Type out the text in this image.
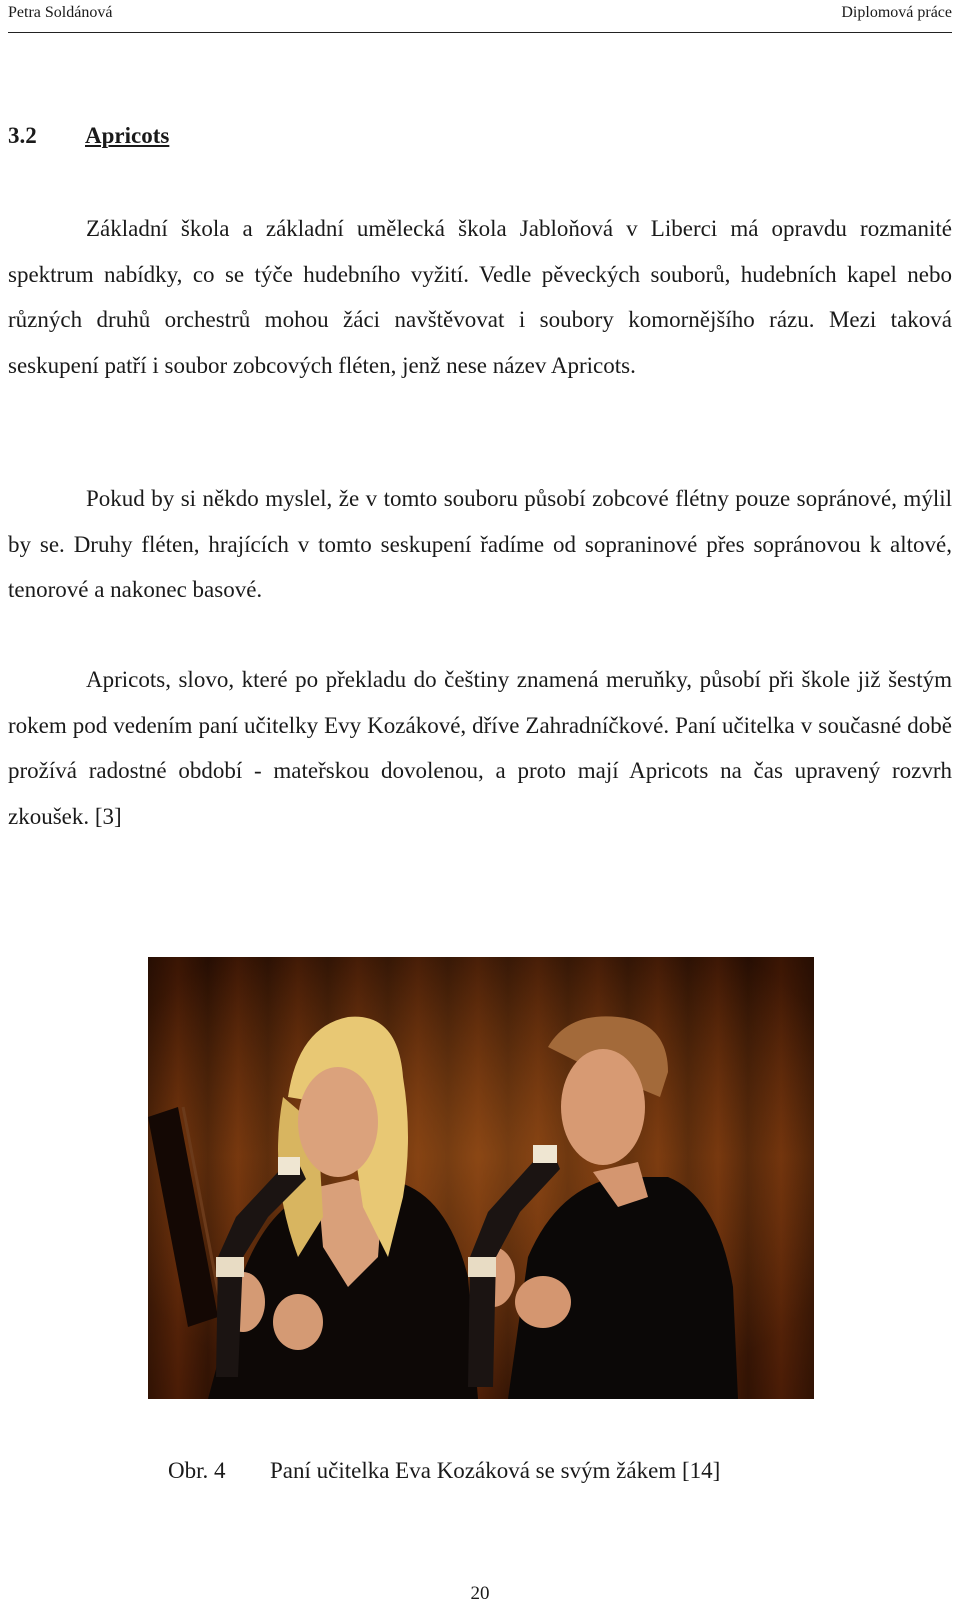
Petra Soldánová	Diplomová práce
3.2 Apricots

Základní škola a základní umělecká škola Jabloňová v Liberci má opravdu rozmanité spektrum nabídky, co se týče hudebního vyžití. Vedle pěveckých souborů, hudebních kapel nebo různých druhů orchestrů mohou žáci navštěvovat i soubory komornějšího rázu. Mezi taková seskupení patří i soubor zobcových fléten, jenž nese název Apricots.

Pokud by si někdo myslel, že v tomto souboru působí zobcové flétny pouze sopránové, mýlil by se. Druhy fléten, hrajících v tomto seskupení řadíme od sopraninové přes sopránovou k altové, tenorové a nakonec basové.

Apricots, slovo, které po překladu do češtiny znamená meruňky, působí při škole již šestým rokem pod vedením paní učitelky Evy Kozákové, dříve Zahradníčkové. Paní učitelka v současné době prožívá radostné období - mateřskou dovolenou, a proto mají Apricots na čas upravený rozvrh zkoušek. [3]

Obr. 4 Paní učitelka Eva Kozáková se svým žákem [14]
20
